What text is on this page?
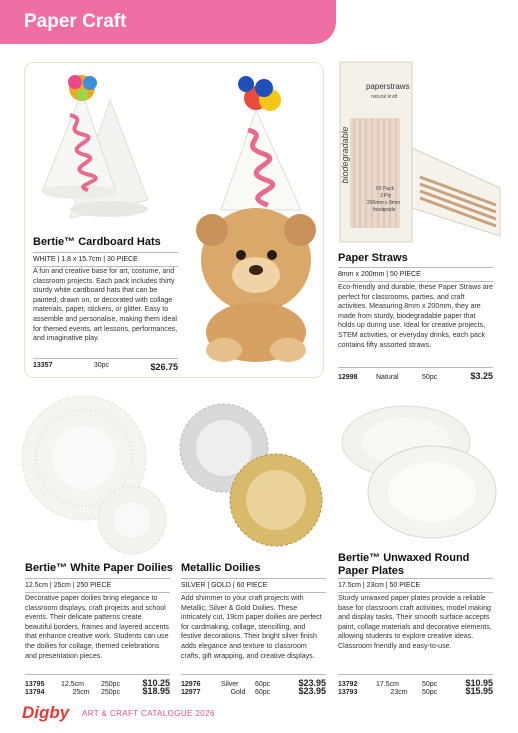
Paper Craft
Bertie™ Cardboard Hats
WHITE | 1.8 x 15.7cm | 30 PIECE
A fun and creative base for art, costume, and classroom projects. Each pack includes thirty sturdy white cardboard hats that can be painted, drawn on, or decorated with collage materials, paper, stickers, or glitter. Easy to assemble and personalise, making them ideal for themed events, art lessons, performances, and imaginative play.
13357	30pc	$26.75
paperstraws
natural kraft
biodegradable
50 Pack
3 Ply
200mm x 8mm
foodgrade
Paper Straws
8mm x 200mm | 50 PIECE
Eco-friendly and durable, these Paper Straws are perfect for classrooms, parties, and craft activities. Measuring 8mm x 200mm, they are made from sturdy, biodegradable paper that holds up during use. Ideal for creative projects, STEM activities, or everyday drinks, each pack contains fifty assorted straws.
12998	Natural	50pc	$3.25
Bertie™ White Paper Doilies
12.5cm | 25cm | 250 PIECE
Decorative paper doilies bring elegance to classroom displays, craft projects and school events. Their delicate patterns create beautiful borders, frames and layered accents that enhance creative work. Students can use the doilies for collage, themed celebrations and presentation pieces.
13795	12.5cm	250pc	$10.25
13794	25cm	250pc	$18.95
Metallic Doilies
SILVER | GOLD | 60 PIECE
Add shimmer to your craft projects with Metallic, Silver & Gold Doilies. These intricately cut, 19cm paper doilies are perfect for cardmaking, collage, stencilling, and festive decorations. Their bright silver finish adds elegance and texture to classroom crafts, gift wrapping, and creative displays.
12976	Silver	60pc	$23.95
12977	Gold	60pc	$23.95
Bertie™ Unwaxed Round Paper Plates
17.5cm | 23cm | 50 PIECE
Sturdy unwaxed paper plates provide a reliable base for classroom craft activities, model making and display tasks. Their smooth surface accepts paint, collage materials and decorative elements, allowing students to explore creative ideas. Classroom friendly and easy-to-use.
13792	17.5cm	50pc	$10.95
13793	23cm	50pc	$15.95
Digby ART & CRAFT CATALOGUE 2026
